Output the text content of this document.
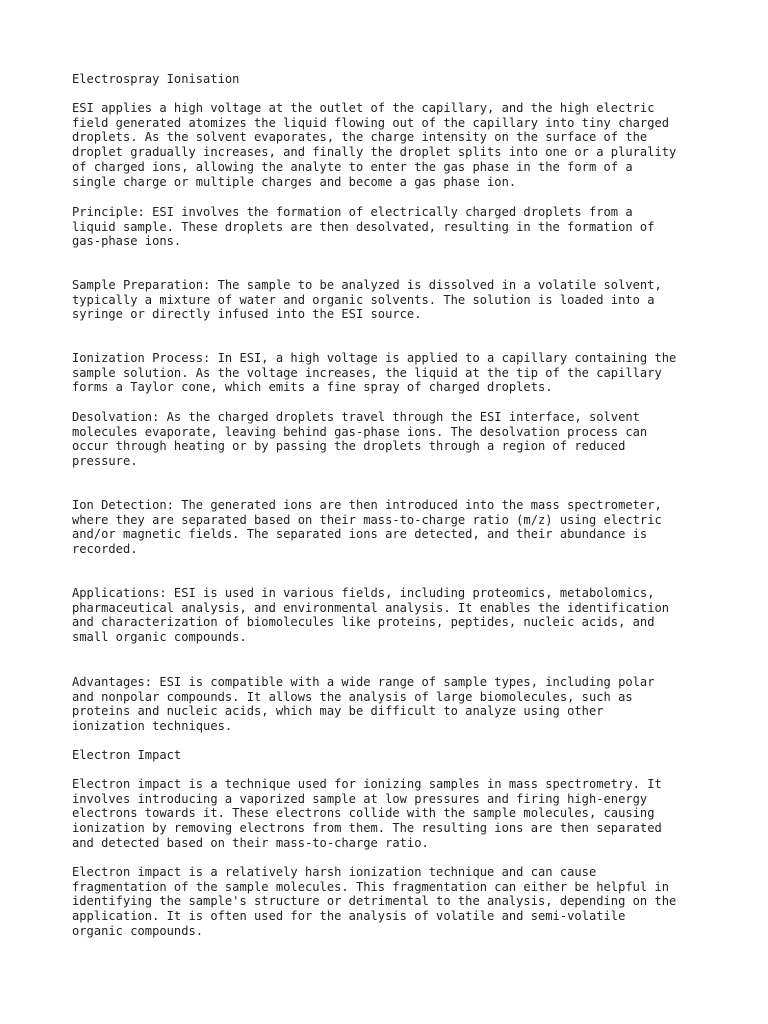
Electrospray Ionisation

ESI applies a high voltage at the outlet of the capillary, and the high electric
field generated atomizes the liquid flowing out of the capillary into tiny charged
droplets. As the solvent evaporates, the charge intensity on the surface of the
droplet gradually increases, and finally the droplet splits into one or a plurality
of charged ions, allowing the analyte to enter the gas phase in the form of a
single charge or multiple charges and become a gas phase ion.

Principle: ESI involves the formation of electrically charged droplets from a
liquid sample. These droplets are then desolvated, resulting in the formation of
gas-phase ions.

Sample Preparation: The sample to be analyzed is dissolved in a volatile solvent,
typically a mixture of water and organic solvents. The solution is loaded into a
syringe or directly infused into the ESI source.

Ionization Process: In ESI, a high voltage is applied to a capillary containing the
sample solution. As the voltage increases, the liquid at the tip of the capillary
forms a Taylor cone, which emits a fine spray of charged droplets.

Desolvation: As the charged droplets travel through the ESI interface, solvent
molecules evaporate, leaving behind gas-phase ions. The desolvation process can
occur through heating or by passing the droplets through a region of reduced
pressure.

Ion Detection: The generated ions are then introduced into the mass spectrometer,
where they are separated based on their mass-to-charge ratio (m/z) using electric
and/or magnetic fields. The separated ions are detected, and their abundance is
recorded.

Applications: ESI is used in various fields, including proteomics, metabolomics,
pharmaceutical analysis, and environmental analysis. It enables the identification
and characterization of biomolecules like proteins, peptides, nucleic acids, and
small organic compounds.

Advantages: ESI is compatible with a wide range of sample types, including polar
and nonpolar compounds. It allows the analysis of large biomolecules, such as
proteins and nucleic acids, which may be difficult to analyze using other
ionization techniques.

Electron Impact

Electron impact is a technique used for ionizing samples in mass spectrometry. It
involves introducing a vaporized sample at low pressures and firing high-energy
electrons towards it. These electrons collide with the sample molecules, causing
ionization by removing electrons from them. The resulting ions are then separated
and detected based on their mass-to-charge ratio.

Electron impact is a relatively harsh ionization technique and can cause
fragmentation of the sample molecules. This fragmentation can either be helpful in
identifying the sample's structure or detrimental to the analysis, depending on the
application. It is often used for the analysis of volatile and semi-volatile
organic compounds.
